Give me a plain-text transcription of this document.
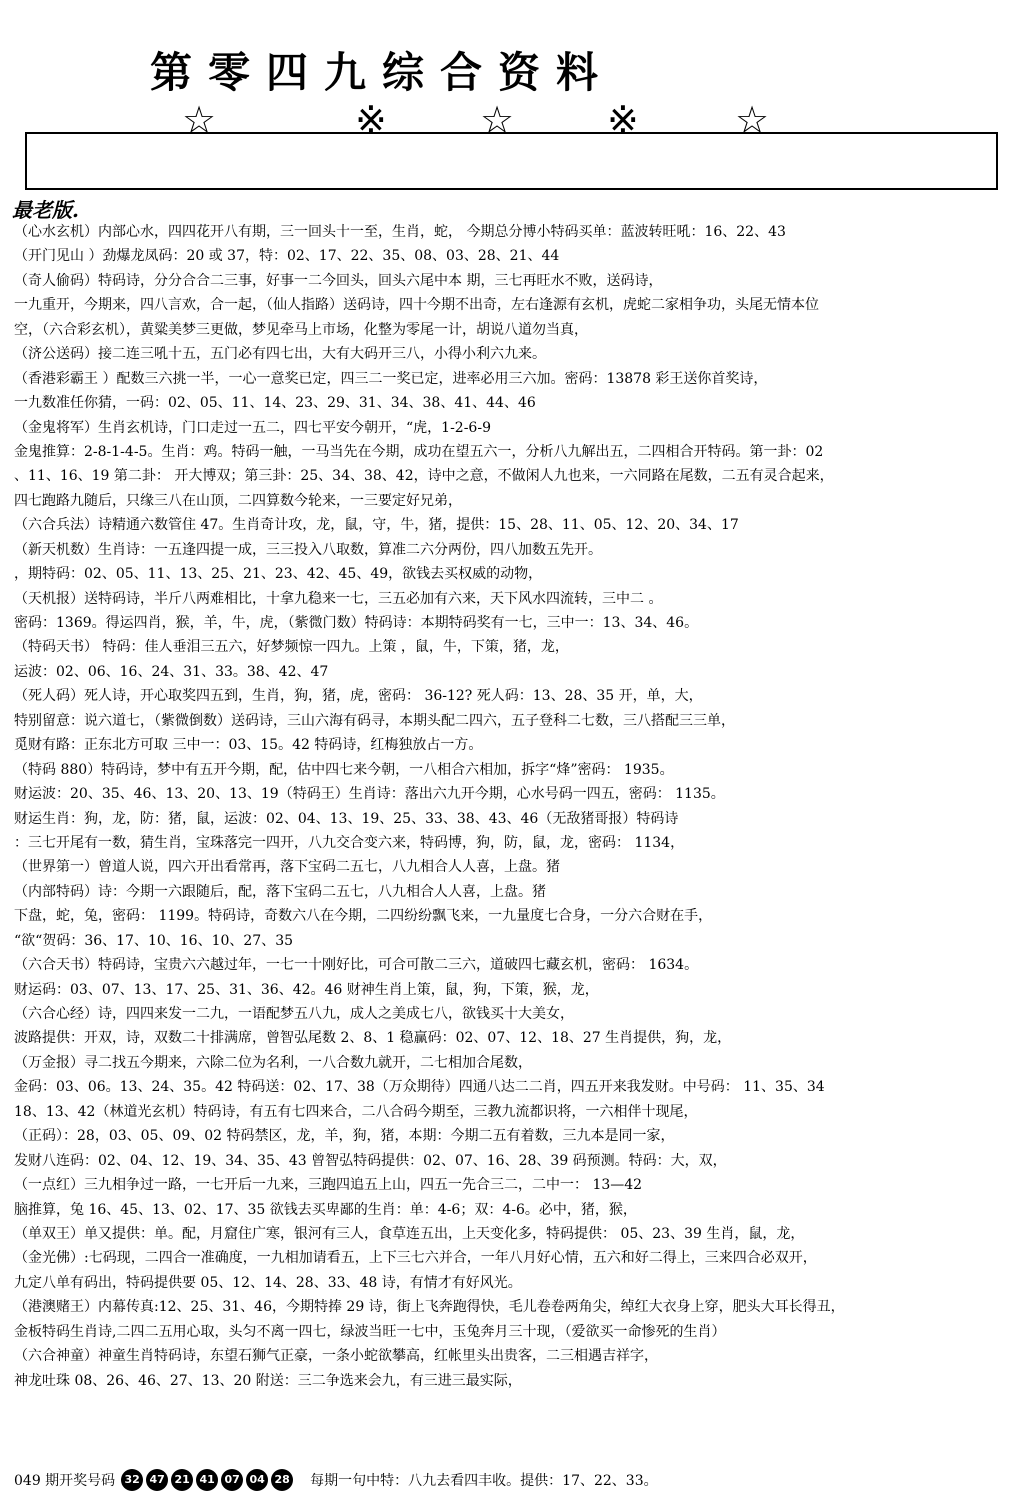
第零四九综合资料
☆	※ ☆ ※	☆
最老版.
（心水玄机）内部心水，四四花开八有期，三一回头十一至，生肖，蛇， 今期总分博小特码买单：蓝波转旺吼：16、22、43
（开门见山 ）劲爆龙凤码：20 或 37，特：02、17、22、35、08、03、28、21、44
（奇人偷码）特码诗，分分合合二三事，好事一二今回头，回头六尾中本 期，三七再旺水不败，送码诗，
一九重开，今期来，四八言欢，合一起，（仙人指路）送码诗，四十今期不出奇，左右逢源有玄机，虎蛇二家相争功，头尾无情本位
空，（六合彩玄机），黄粱美梦三更做，梦见牵马上市场，化整为零尾一计，胡说八道勿当真，
（济公送码）接二连三吼十五，五门必有四七出，大有大码开三八，小得小利六九来。
（香港彩霸王 ）配数三六挑一半，一心一意奖已定，四三二一奖已定，进率必用三六加。密码：13878 彩王送你首奖诗，
一九数准任你猜，一码：02、05、11、14、23、29、31、34、38、41、44、46
（金鬼将军）生肖玄机诗，门口走过一五二，四七平安今朝开，“虎，1-2-6-9
金鬼推算：2-8-1-4-5。生肖：鸡。特码一触，一马当先在今期，成功在望五六一，分析八九解出五，二四相合开特码。第一卦：02
、11、16、19 第二卦： 开大博双；第三卦：25、34、38、42，诗中之意，不做闲人九也来，一六同路在尾数，二五有灵合起来，
四七跑路九随后，只缘三八在山顶，二四算数今轮来，一三要定好兄弟，
（六合兵法）诗精通六数管住 47。生肖奇计攻，龙，鼠，守，牛，猪，提供：15、28、11、05、12、20、34、17
（新天机数）生肖诗：一五逢四提一成，三三投入八取数，算准二六分两份，四八加数五先开。
，期特码：02、05、11、13、25、21、23、42、45、49，欲钱去买权威的动物，
（天机报）送特码诗，半斤八两难相比，十拿九稳来一七，三五必加有六来，天下风水四流转，三中二 。
密码：1369。得运四肖，猴，羊，牛，虎，（紫微门数）特码诗：本期特码奖有一七，三中一：13、34、46。
（特码天书） 特码：佳人垂泪三五六，好梦频惊一四九。上策 ，鼠，牛，下策，猪，龙，
运波：02、06、16、24、31、33。38、42、47
（死人码）死人诗，开心取奖四五到，生肖，狗，猪，虎，密码： 36-12? 死人码：13、28、35 开，单，大，
特别留意：说六道七，（紫微倒数）送码诗，三山六海有码寻，本期头配二四六，五子登科二七数，三八搭配三三单，
觅财有路：正东北方可取 三中一：03、15。42 特码诗，红梅独放占一方。
（特码 880）特码诗，梦中有五开今期，配，估中四七来今朝，一八相合六相加，拆字“烽”密码： 1935。
财运波：20、35、46、13、20、13、19（特码王）生肖诗：落出六九开今期，心水号码一四五，密码： 1135。
财运生肖：狗，龙，防：猪，鼠，运波：02、04、13、19、25、33、38、43、46（无敌猪哥报）特码诗
：三七开尾有一数，猜生肖，宝珠落完一四开，八九交合变六来，特码博，狗，防，鼠，龙，密码： 1134，
（世界第一）曾道人说，四六开出看常再，落下宝码二五七，八九相合人人喜，上盘。猪
（内部特码）诗：今期一六跟随后，配，落下宝码二五七，八九相合人人喜，上盘。猪
下盘，蛇，兔，密码： 1199。特码诗，奇数六八在今期，二四纷纷飘飞来，一九量度七合身，一分六合财在手，
“欲“贺码：36、17、10、16、10、27、35
（六合天书）特码诗，宝贵六六越过年，一七一十刚好比，可合可散二三六，道破四七藏玄机，密码： 1634。
财运码：03、07、13、17、25、31、36、42。46 财神生肖上策，鼠，狗，下策，猴，龙，
（六合心经）诗，四四来发一二九，一语配梦五八九，成人之美成七八，欲钱买十大美女，
波路提供：开双，诗，双数二十排满席，曾智弘尾数 2、8、1 稳赢码：02、07、12、18、27 生肖提供，狗，龙，
（万金报）寻二找五今期来，六除二位为名利，一八合数九就开，二七相加合尾数，
金码：03、06。13、24、35。42 特码送：02、17、38（万众期待）四通八达二二肖，四五开来我发财。中号码： 11、35、34
18、13、42（林道光玄机）特码诗，有五有七四来合，二八合码今期至，三教九流都识将，一六相伴十现尾，
（正码）：28，03、05、09、02 特码禁区，龙，羊，狗，猪，本期：今期二五有着数，三九本是同一家，
发财八连码：02、04、12、19、34、35、43 曾智弘特码提供：02、07、16、28、39 码预测。特码：大，双，
（一点红）三九相争过一路，一七开后一九来，三跑四追五上山，四五一先合三二，二中一： 13—42
脑推算，兔 16、45、13、02、17、35 欲钱去买卑鄙的生肖：单：4-6；双：4-6。必中，猪，猴，
（单双王）单又提供：单。配，月窟住广寒，银河有三人，食草连五出，上天变化多，特码提供： 05、23、39 生肖，鼠，龙，
（金光佛）:七码现，二四合一准确度，一九相加请看五，上下三七六并合，一年八月好心情，五六和好二得上，三来四合必双开，
九定八单有码出，特码提供要 05、12、14、28、33、48 诗，有情才有好风光。
（港澳赌王）内幕传真:12、25、31、46，今期特捧 29 诗，街上飞奔跑得快，毛儿卷卷两角尖，绰红大衣身上穿，肥头大耳长得丑，
金板特码生肖诗,二四二五用心取，头匀不离一四七，绿波当旺一七中，玉兔奔月三十现，（爱欲买一命惨死的生肖）
（六合神童）神童生肖特码诗，东望石狮气正豪，一条小蛇欲攀高，红帐里头出贵客，二三相遇吉祥字，
神龙吐珠 08、26、46、27、13、20 附送：三二争选来会九，有三进三最实际，
049 期开奖号码 32 47 21 41 07 04 28 每期一句中特：八九去看四丰收。提供：17、22、33。
